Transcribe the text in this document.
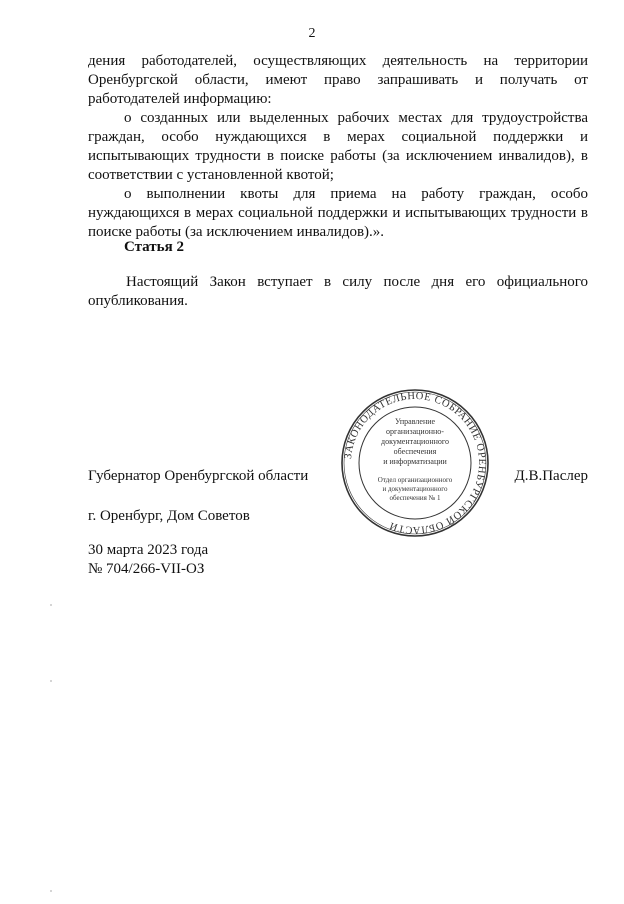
2

дения работодателей, осуществляющих деятельность на территории Оренбургской области, имеют право запрашивать и получать от работодателей информацию:

о созданных или выделенных рабочих местах для трудоустройства граждан, особо нуждающихся в мерах социальной поддержки и испытывающих трудности в поиске работы (за исключением инвалидов), в соответствии с установленной квотой;

о выполнении квоты для приема на работу граждан, особо нуждающихся в мерах социальной поддержки и испытывающих трудности в поиске работы (за исключением инвалидов).».

Статья 2
Настоящий Закон вступает в силу после дня его официального опубликования.
Губернатор Оренбургской области	Д.В.Паслер
ЗАКОНОДАТЕЛЬНОЕ СОБРАНИЕ ОРЕНБУРГСКОЙ ОБЛАСТИ
Управление
организационно-
документационного
обеспечения
и информатизации
Отдел организационного
и документационного
обеспечения № 1
г. Оренбург, Дом Советов
30 марта 2023 года
№ 704/266-VII-ОЗ
